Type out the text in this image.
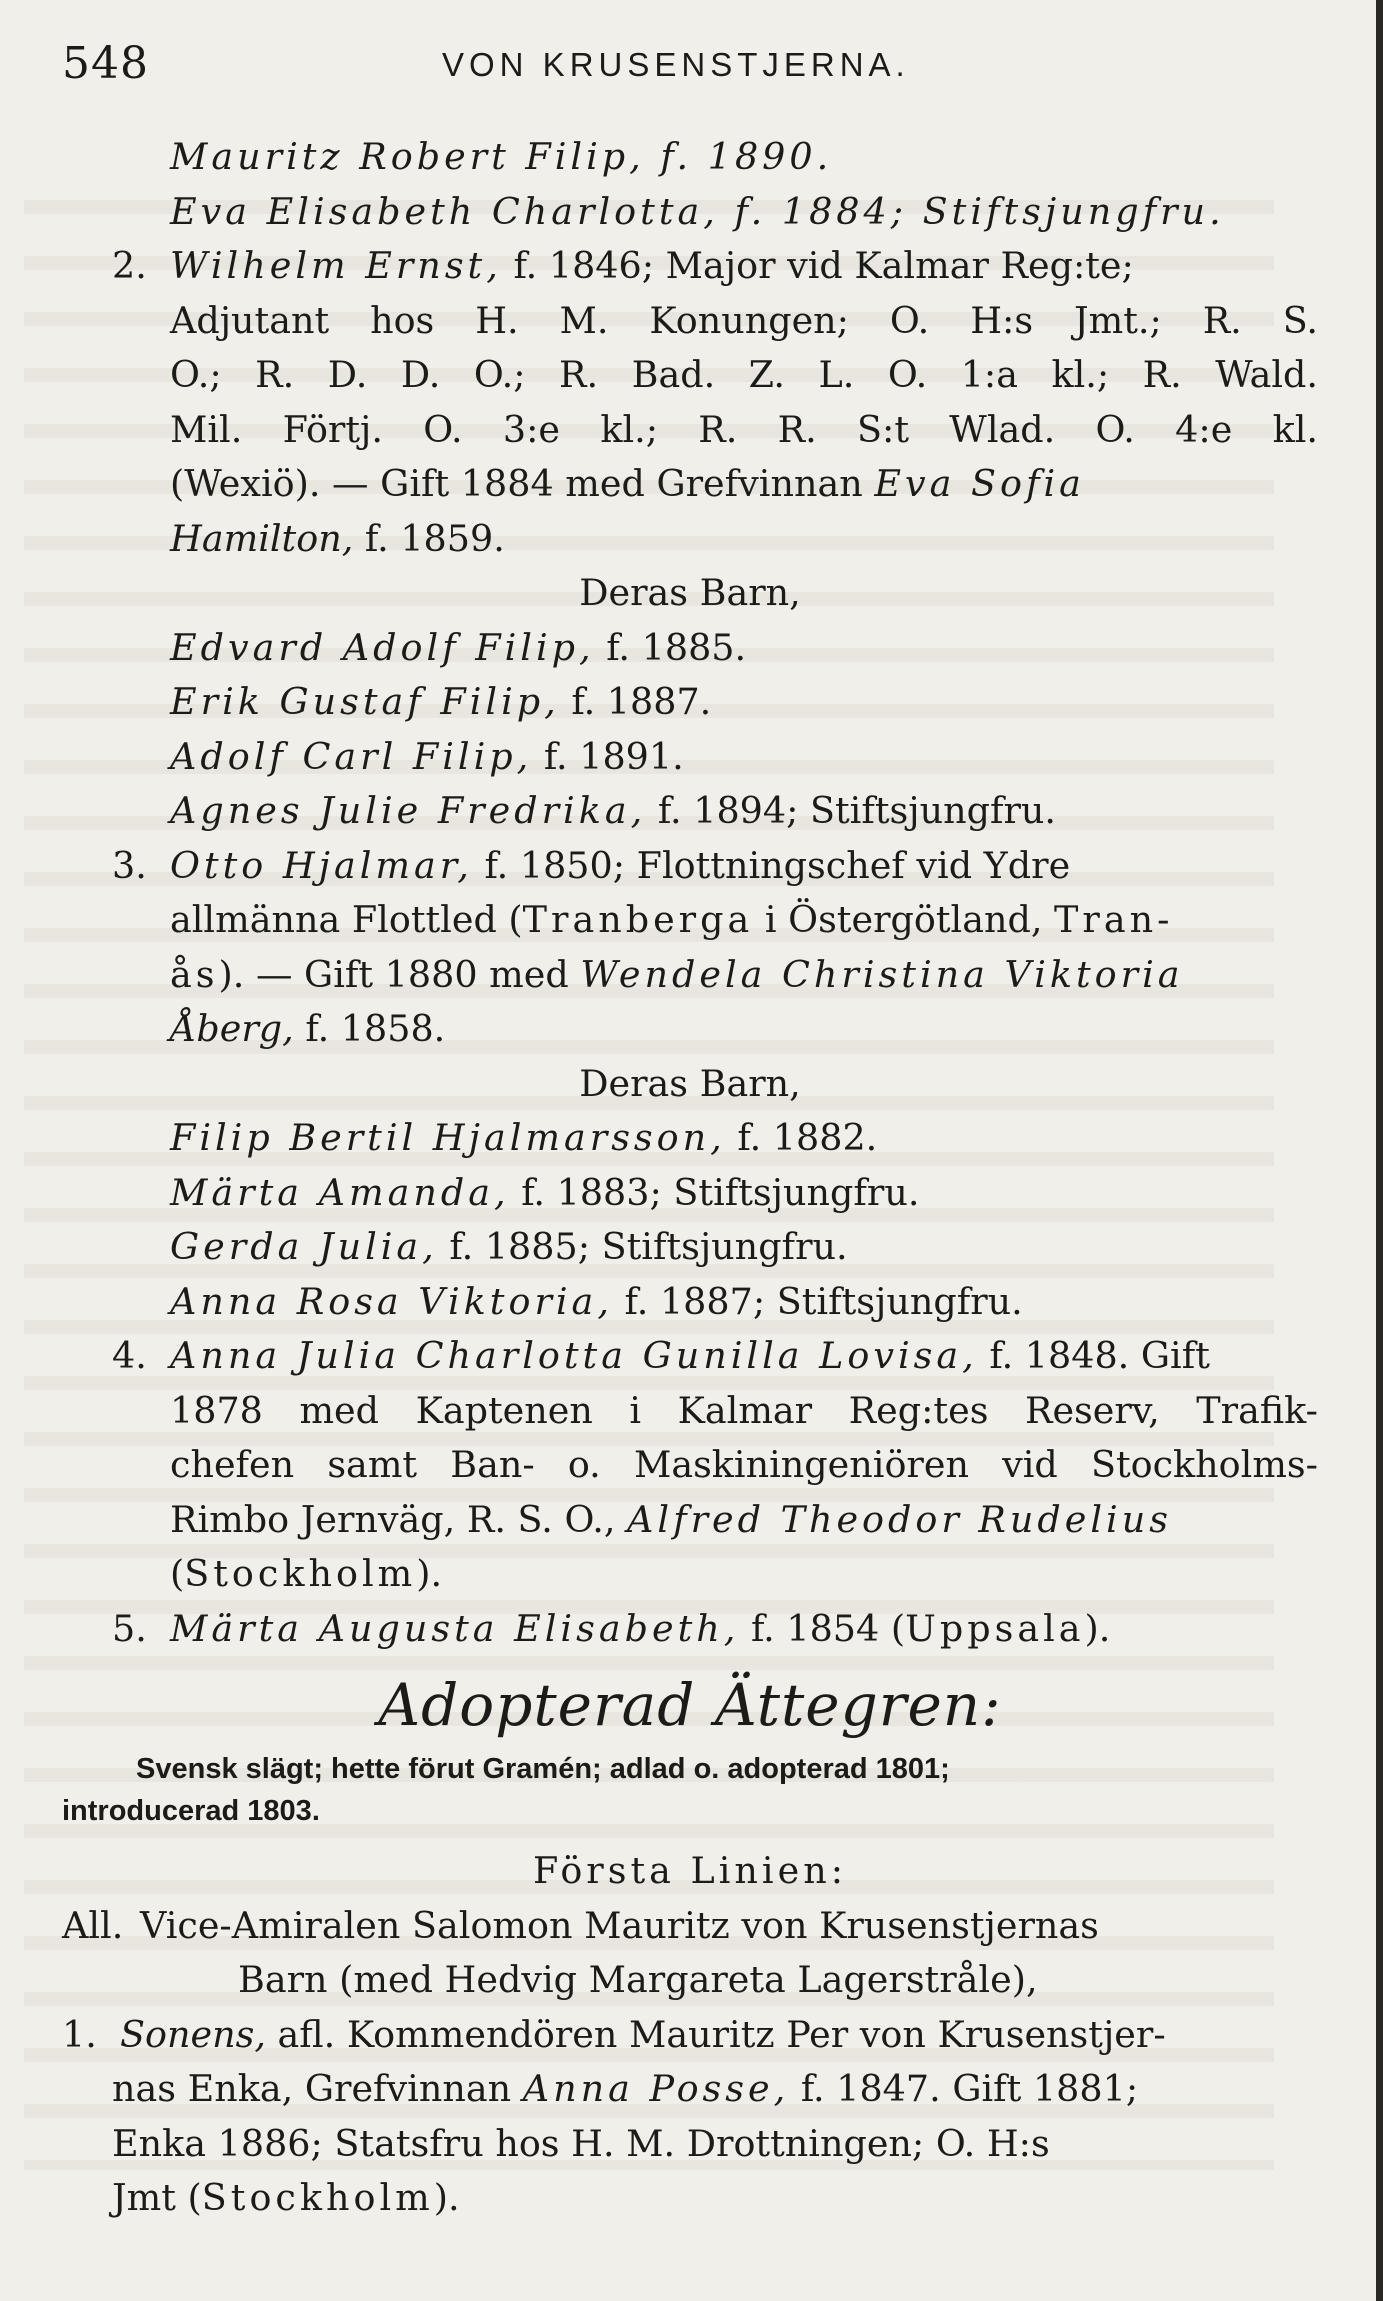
548	VON KRUSENSTJERNA.
Mauritz Robert Filip, f. 1890.
Eva Elisabeth Charlotta, f. 1884; Stiftsjungfru.
2. Wilhelm Ernst, f. 1846; Major vid Kalmar Reg:te;
Adjutant hos H. M. Konungen; O. H:s Jmt.; R. S.
O.; R. D. D. O.; R. Bad. Z. L. O. 1:a kl.; R. Wald.
Mil. Förtj. O. 3:e kl.; R. R. S:t Wlad. O. 4:e kl.
(Wexiö). — Gift 1884 med Grefvinnan Eva Sofia
Hamilton, f. 1859.
Deras Barn,
Edvard Adolf Filip, f. 1885.
Erik Gustaf Filip, f. 1887.
Adolf Carl Filip, f. 1891.
Agnes Julie Fredrika, f. 1894; Stiftsjungfru.
3. Otto Hjalmar, f. 1850; Flottningschef vid Ydre
allmänna Flottled (Tranberga i Östergötland, Tran-
ås). — Gift 1880 med Wendela Christina Viktoria
Åberg, f. 1858.
Deras Barn,
Filip Bertil Hjalmarsson, f. 1882.
Märta Amanda, f. 1883; Stiftsjungfru.
Gerda Julia, f. 1885; Stiftsjungfru.
Anna Rosa Viktoria, f. 1887; Stiftsjungfru.
4. Anna Julia Charlotta Gunilla Lovisa, f. 1848. Gift
1878 med Kaptenen i Kalmar Reg:tes Reserv, Trafik-
chefen samt Ban- o. Maskiningeniören vid Stockholms-
Rimbo Jernväg, R. S. O., Alfred Theodor Rudelius
(Stockholm).
5. Märta Augusta Elisabeth, f. 1854 (Uppsala).
Adopterad Ättegren:
Svensk slägt; hette förut Gramén; adlad o. adopterad 1801;
introducerad 1803.
Första Linien:
All. Vice-Amiralen Salomon Mauritz von Krusenstjernas
Barn (med Hedvig Margareta Lagerstråle),
1. Sonens, afl. Kommendören Mauritz Per von Krusenstjer-
nas Enka, Grefvinnan Anna Posse, f. 1847. Gift 1881;
Enka 1886; Statsfru hos H. M. Drottningen; O. H:s
Jmt (Stockholm).
